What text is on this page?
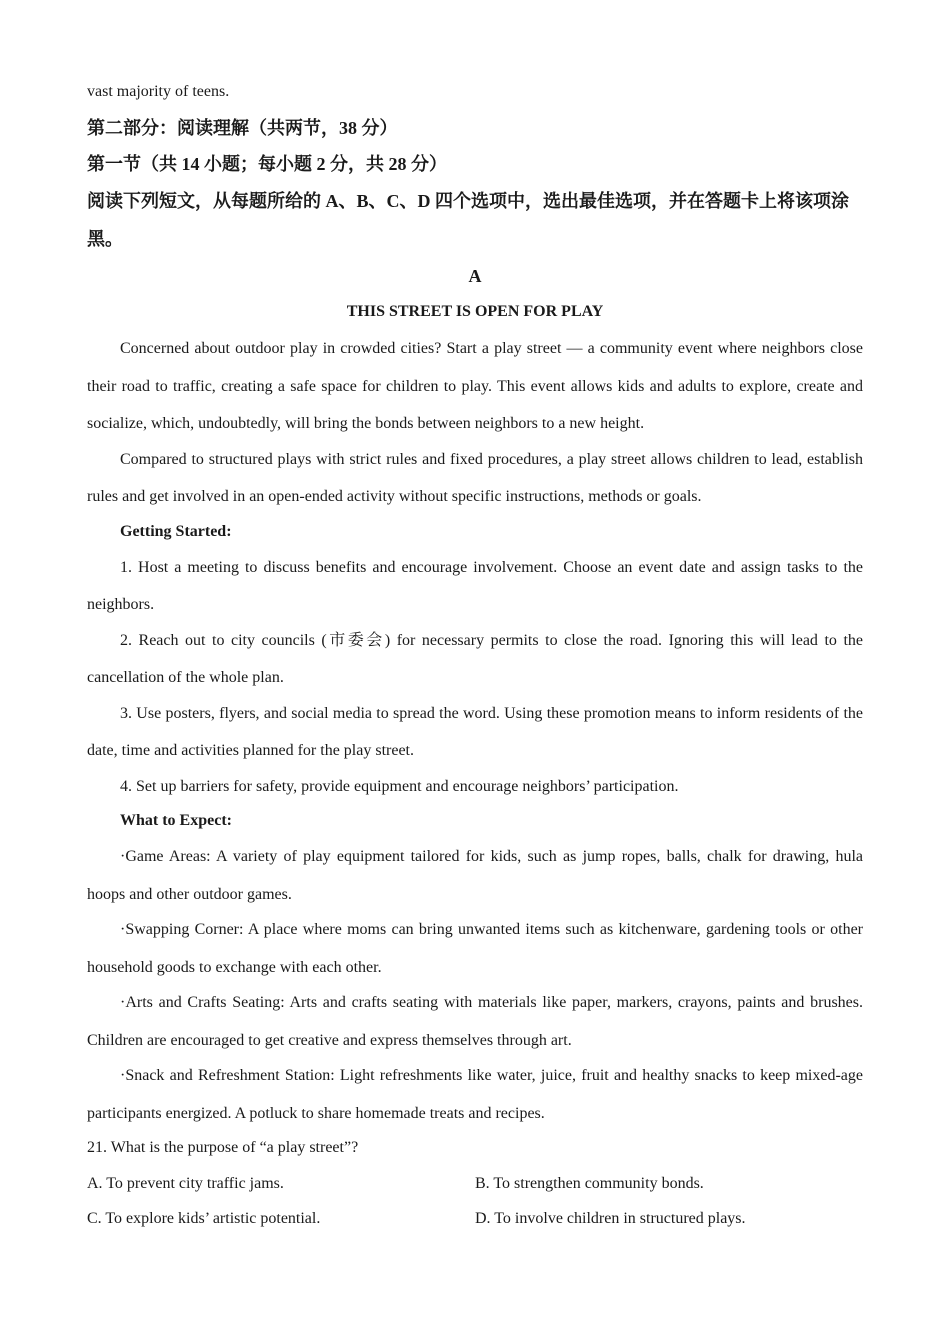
vast majority of teens.

第二部分：阅读理解（共两节，38 分）

第一节（共 14 小题；每小题 2 分，共 28 分）

阅读下列短文，从每题所给的 A、B、C、D 四个选项中，选出最佳选项，并在答题卡上将该项涂黑。

A

THIS STREET IS OPEN FOR PLAY

Concerned about outdoor play in crowded cities? Start a play street — a community event where neighbors close their road to traffic, creating a safe space for children to play. This event allows kids and adults to explore, create and socialize, which, undoubtedly, will bring the bonds between neighbors to a new height.

Compared to structured plays with strict rules and fixed procedures, a play street allows children to lead, establish rules and get involved in an open-ended activity without specific instructions, methods or goals.

Getting Started:

1. Host a meeting to discuss benefits and encourage involvement. Choose an event date and assign tasks to the neighbors.

2. Reach out to city councils (市委会) for necessary permits to close the road. Ignoring this will lead to the cancellation of the whole plan.

3. Use posters, flyers, and social media to spread the word. Using these promotion means to inform residents of the date, time and activities planned for the play street.

4. Set up barriers for safety, provide equipment and encourage neighbors’ participation.

What to Expect:

·Game Areas: A variety of play equipment tailored for kids, such as jump ropes, balls, chalk for drawing, hula hoops and other outdoor games.

·Swapping Corner: A place where moms can bring unwanted items such as kitchenware, gardening tools or other household goods to exchange with each other.

·Arts and Crafts Seating: Arts and crafts seating with materials like paper, markers, crayons, paints and brushes. Children are encouraged to get creative and express themselves through art.

·Snack and Refreshment Station: Light refreshments like water, juice, fruit and healthy snacks to keep mixed-age participants energized. A potluck to share homemade treats and recipes.

21. What is the purpose of “a play street”?

A. To prevent city traffic jams.	B. To strengthen community bonds.
C. To explore kids’ artistic potential.	D. To involve children in structured plays.
